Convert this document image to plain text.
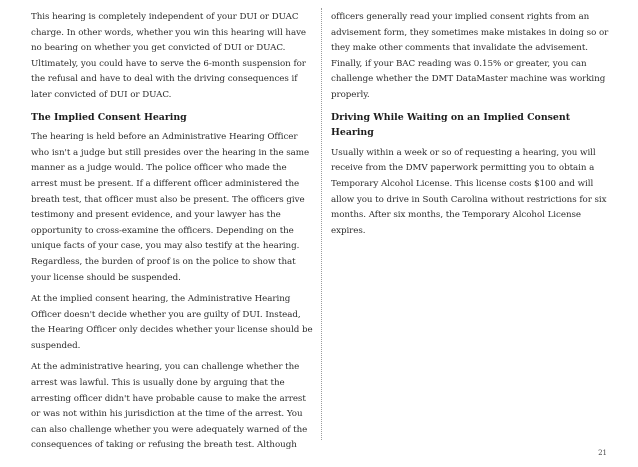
This hearing is completely independent of your DUI or DUAC charge. In other words, whether you win this hearing will have no bearing on whether you get convicted of DUI or DUAC. Ultimately, you could have to serve the 6-month suspension for the refusal and have to deal with the driving consequences if later convicted of DUI or DUAC.

The Implied Consent Hearing

The hearing is held before an Administrative Hearing Officer who isn't a judge but still presides over the hearing in the same manner as a judge would. The police officer who made the arrest must be present. If a different officer administered the breath test, that officer must also be present. The officers give testimony and present evidence, and your lawyer has the opportunity to cross-examine the officers. Depending on the unique facts of your case, you may also testify at the hearing. Regardless, the burden of proof is on the police to show that your license should be suspended.

At the implied consent hearing, the Administrative Hearing Officer doesn't decide whether you are guilty of DUI. Instead, the Hearing Officer only decides whether your license should be suspended.

At the administrative hearing, you can challenge whether the arrest was lawful. This is usually done by arguing that the arresting officer didn't have probable cause to make the arrest or was not within his jurisdiction at the time of the arrest. You can also challenge whether you were adequately warned of the consequences of taking or refusing the breath test. Although

officers generally read your implied consent rights from an advisement form, they sometimes make mistakes in doing so or they make other comments that invalidate the advisement. Finally, if your BAC reading was 0.15% or greater, you can challenge whether the DMT DataMaster machine was working properly.

Driving While Waiting on an Implied Consent Hearing

Usually within a week or so of requesting a hearing, you will receive from the DMV paperwork permitting you to obtain a Temporary Alcohol License. This license costs $100 and will allow you to drive in South Carolina without restrictions for six months. After six months, the Temporary Alcohol License expires.

21
